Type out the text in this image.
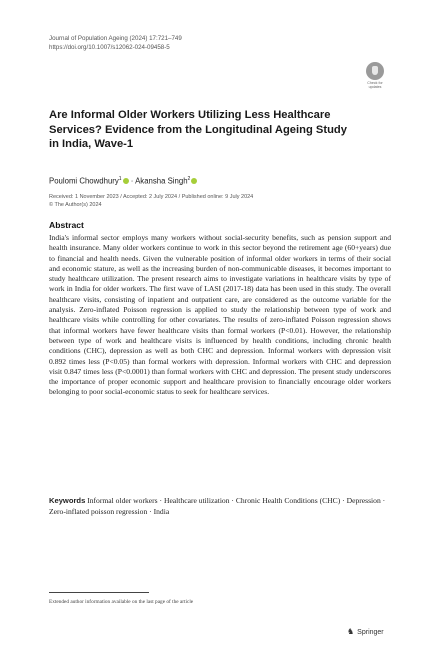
Journal of Population Ageing (2024) 17:721–749
https://doi.org/10.1007/s12062-024-09458-5
Check for
updates
Are Informal Older Workers Utilizing Less Healthcare Services? Evidence from the Longitudinal Ageing Study in India, Wave-1
Poulomi Chowdhury$^1$ · Akansha Singh$^2$
Received: 1 November 2023 / Accepted: 2 July 2024 / Published online: 9 July 2024
© The Author(s) 2024
Abstract
India's informal sector employs many workers without social-security benefits, such as pension support and health insurance. Many older workers continue to work in this sector beyond the retirement age (60+years) due to financial and health needs. Given the vulnerable position of informal older workers in terms of their social and economic stature, as well as the increasing burden of non-communicable diseases, it becomes important to study healthcare utilization. The present research aims to investigate variations in healthcare visits by type of work in India for older workers. The first wave of LASI (2017-18) data has been used in this study. The overall healthcare visits, consisting of inpatient and outpatient care, are considered as the outcome variable for the analysis. Zero-inflated Poisson regression is applied to study the relationship between type of work and healthcare visits while controlling for other covariates. The results of zero-inflated Poisson regression shows that informal workers have fewer healthcare visits than formal workers (P<0.01). However, the relationship between type of work and healthcare visits is influenced by health conditions, including chronic health conditions (CHC), depression as well as both CHC and depression. Informal workers with depression visit 0.892 times less (P<0.05) than formal workers with depression. Informal workers with CHC and depression visit 0.847 times less (P<0.0001) than formal workers with CHC and depression. The present study underscores the importance of proper economic support and healthcare provision to financially encourage older workers belonging to poor social-economic status to seek for healthcare services.
Keywords Informal older workers · Healthcare utilization · Chronic Health Conditions (CHC) · Depression · Zero-inflated poisson regression · India
Extended author information available on the last page of the article
♞ Springer
